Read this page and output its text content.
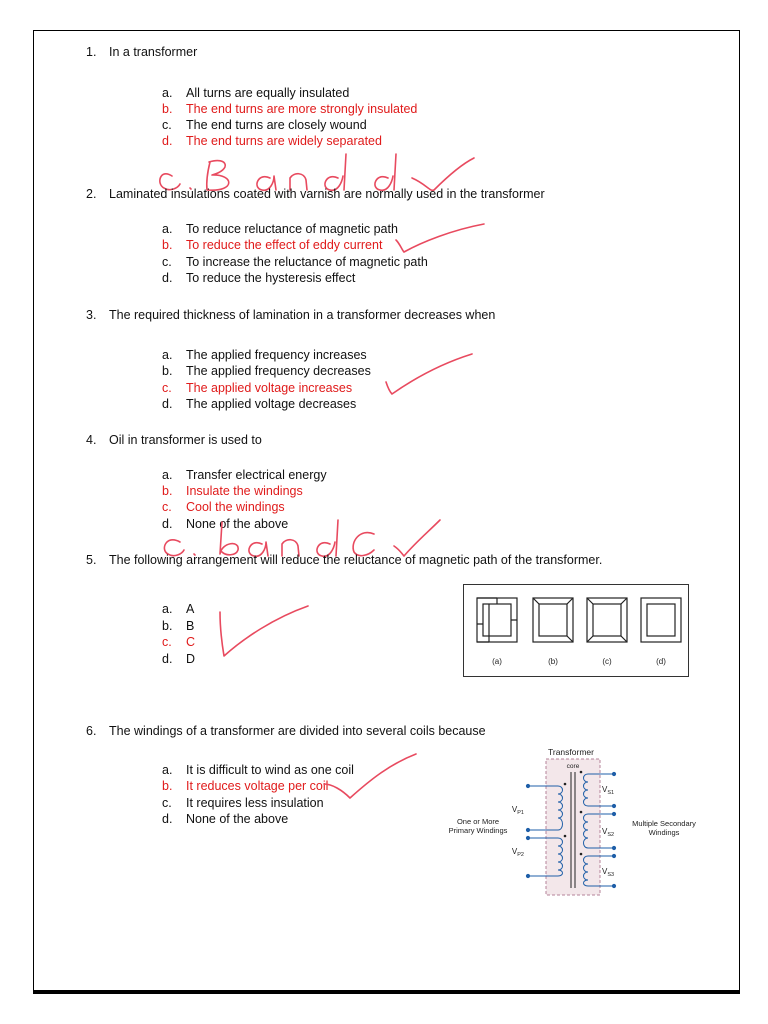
1. In a transformer
a. All turns are equally insulated
b. The end turns are more strongly insulated
c. The end turns are closely wound
d. The end turns are widely separated
2. Laminated insulations coated with varnish are normally used in the transformer
a. To reduce reluctance of magnetic path
b. To reduce the effect of eddy current
c. To increase the reluctance of magnetic path
d. To reduce the hysteresis effect
3. The required thickness of lamination in a transformer decreases when
a. The applied frequency increases
b. The applied frequency decreases
c. The applied voltage increases
d. The applied voltage decreases
4. Oil in transformer is used to
a. Transfer electrical energy
b. Insulate the windings
c. Cool the windings
d. None of the above
5. The following arrangement will reduce the reluctance of magnetic path of the transformer.
a. A
b. B
c. C
d. D	(a)	(b)	(c)	(d)
6. The windings of a transformer are divided into several coils because
a. It is difficult to wind as one coil
b. It reduces voltage per coil
c. It requires less insulation
d. None of the above
Transformer
core
$V_{P1}$
$V_{P2}$
$V_{S1}$
$V_{S2}$
$V_{S3}$
One or More
Primary Windings
Multiple Secondary
Windings
